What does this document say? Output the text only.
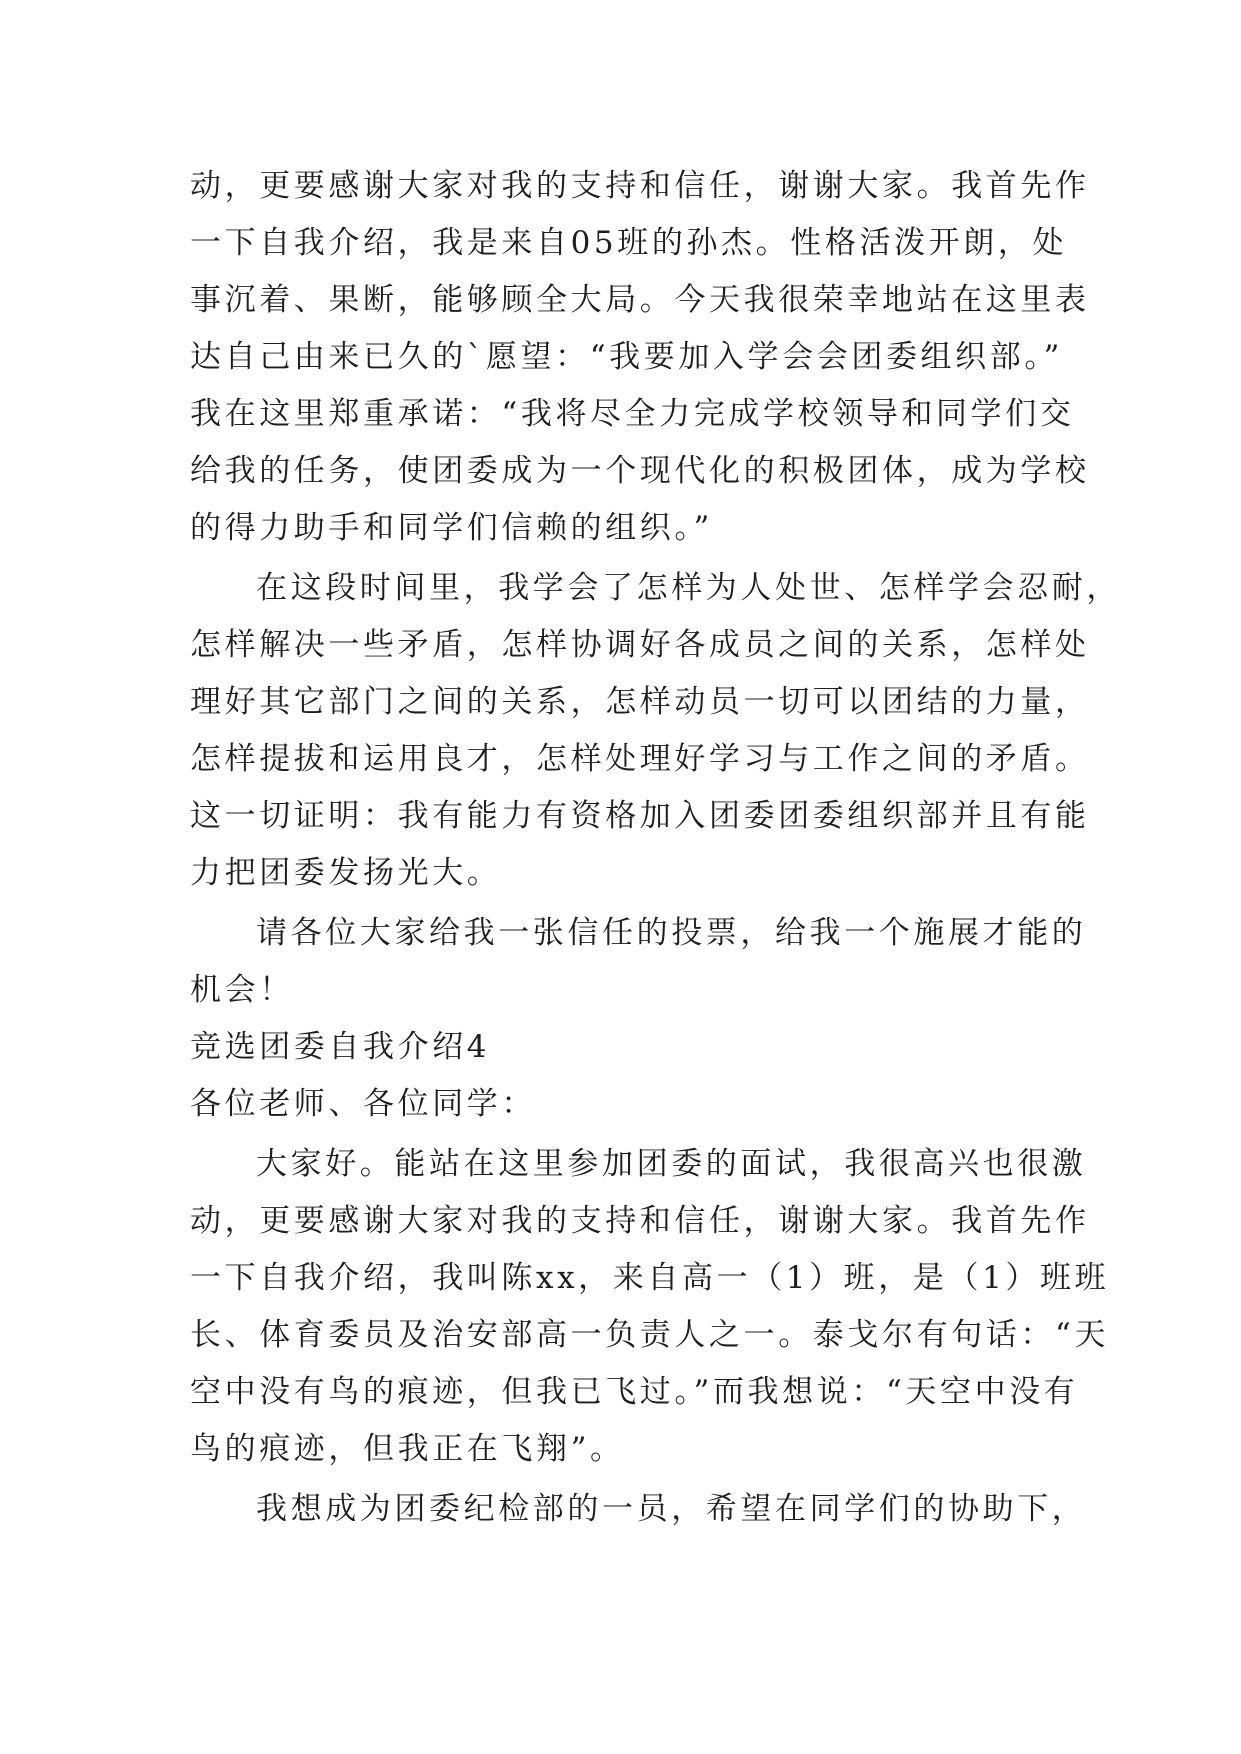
动，更要感谢大家对我的支持和信任，谢谢大家。我首先作
一下自我介绍，我是来自05班的孙杰。性格活泼开朗，处
事沉着、果断，能够顾全大局。今天我很荣幸地站在这里表
达自己由来已久的`愿望：“我要加入学会会团委组织部。”
我在这里郑重承诺：“我将尽全力完成学校领导和同学们交
给我的任务，使团委成为一个现代化的积极团体，成为学校
的得力助手和同学们信赖的组织。”
在这段时间里，我学会了怎样为人处世、怎样学会忍耐，
怎样解决一些矛盾，怎样协调好各成员之间的关系，怎样处
理好其它部门之间的关系，怎样动员一切可以团结的力量，
怎样提拔和运用良才，怎样处理好学习与工作之间的矛盾。
这一切证明：我有能力有资格加入团委团委组织部并且有能
力把团委发扬光大。
请各位大家给我一张信任的投票，给我一个施展才能的
机会！
竞选团委自我介绍4
各位老师、各位同学：
大家好。能站在这里参加团委的面试，我很高兴也很激
动，更要感谢大家对我的支持和信任，谢谢大家。我首先作
一下自我介绍，我叫陈xx，来自高一（1）班，是（1）班班
长、体育委员及治安部高一负责人之一。泰戈尔有句话：“天
空中没有鸟的痕迹，但我已飞过。”而我想说：“天空中没有
鸟的痕迹，但我正在飞翔”。
我想成为团委纪检部的一员，希望在同学们的协助下，
